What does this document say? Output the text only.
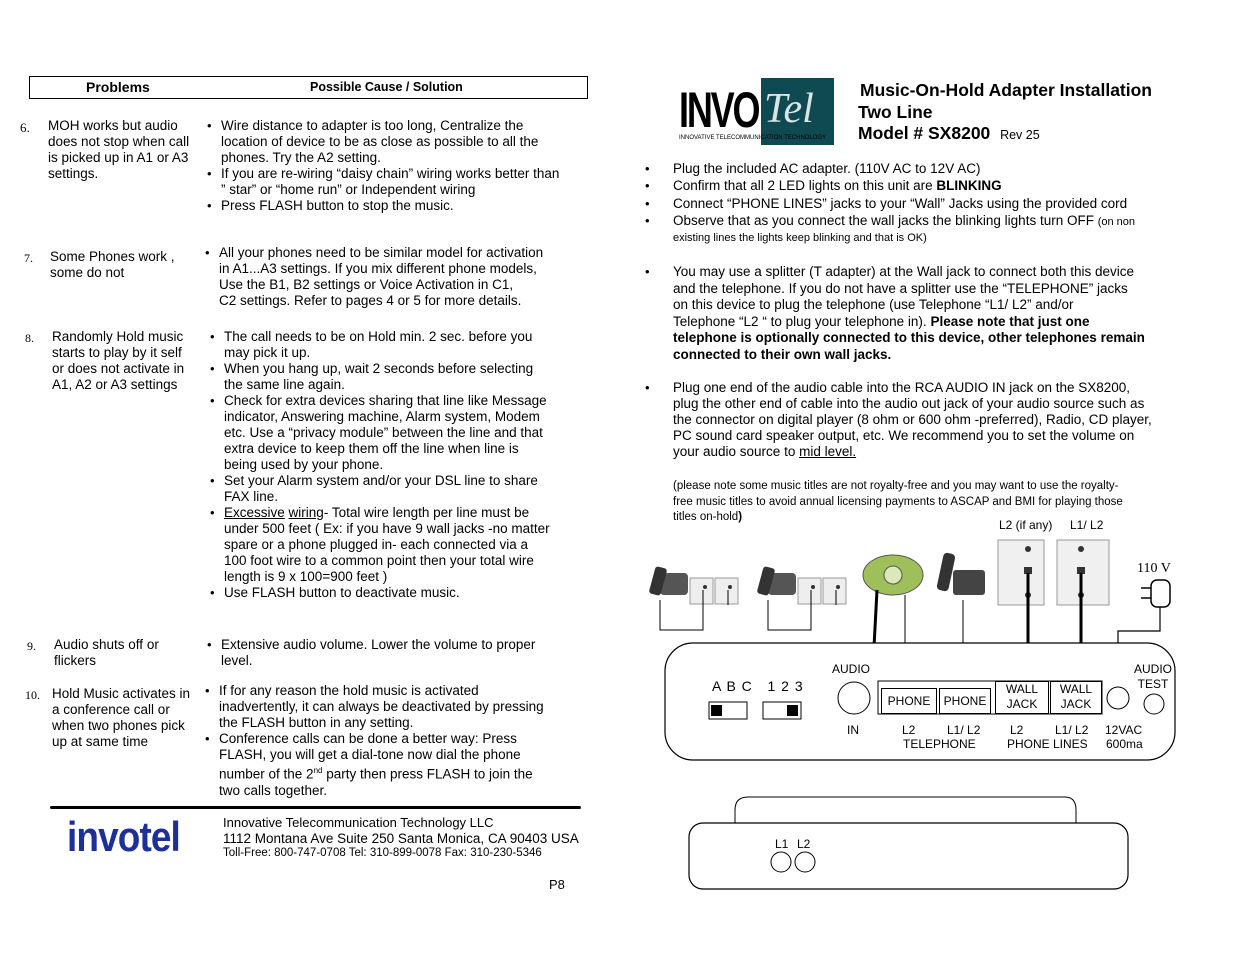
Problems	Possible Cause / Solution
6. MOH works but audio
does not stop when call
is picked up in A1 or A3
settings.
• Wire distance to adapter is too long, Centralize the
location of device to be as close as possible to all the
phones. Try the A2 setting.
• If you are re-wiring “daisy chain” wiring works better than
” star” or “home run” or Independent wiring
• Press FLASH button to stop the music.
7. Some Phones work ,
some do not
• All your phones need to be similar model for activation
in A1...A3 settings. If you mix different phone models,
Use the B1, B2 settings or Voice Activation in C1,
C2 settings. Refer to pages 4 or 5 for more details.
8. Randomly Hold music
starts to play by it self
or does not activate in
A1, A2 or A3 settings
• The call needs to be on Hold min. 2 sec. before you
may pick it up.
• When you hang up, wait 2 seconds before selecting
the same line again.
• Check for extra devices sharing that line like Message
indicator, Answering machine, Alarm system, Modem
etc. Use a “privacy module” between the line and that
extra device to keep them off the line when line is
being used by your phone.
• Set your Alarm system and/or your DSL line to share
FAX line.
• Excessive wiring- Total wire length per line must be
under 500 feet ( Ex: if you have 9 wall jacks -no matter
spare or a phone plugged in- each connected via a
100 foot wire to a common point then your total wire
length is 9 x 100=900 feet )
• Use FLASH button to deactivate music.
9. Audio shuts off or
flickers
• Extensive audio volume. Lower the volume to proper
level.
10. Hold Music activates in
a conference call or
when two phones pick
up at same time
• If for any reason the hold music is activated
inadvertently, it can always be deactivated by pressing
the FLASH button in any setting.
• Conference calls can be done a better way: Press
FLASH, you will get a dial-tone now dial the phone
number of the 2nd party then press FLASH to join the
two calls together.
invotel	Innovative Telecommunication Technology LLC
1112 Montana Ave Suite 250 Santa Monica, CA 90403 USA
Toll-Free: 800-747-0708 Tel: 310-899-0078 Fax: 310-230-5346
P8
INVO Tel
INNOVATIVE TELECOMMUNICATION TECHNOLOGY
Music-On-Hold Adapter Installation
Two Line
Model # SX8200 Rev 25
• Plug the included AC adapter. (110V AC to 12V AC)
• Confirm that all 2 LED lights on this unit are BLINKING
• Connect “PHONE LINES” jacks to your “Wall” Jacks using the provided cord
• Observe that as you connect the wall jacks the blinking lights turn OFF (on non
existing lines the lights keep blinking and that is OK)
• You may use a splitter (T adapter) at the Wall jack to connect both this device
and the telephone. If you do not have a splitter use the “TELEPHONE” jacks
on this device to plug the telephone (use Telephone “L1/ L2” and/or
Telephone “L2 “ to plug your telephone in). Please note that just one
telephone is optionally connected to this device, other telephones remain
connected to their own wall jacks.
• Plug one end of the audio cable into the RCA AUDIO IN jack on the SX8200,
plug the other end of cable into the audio out jack of your audio source such as
the connector on digital player (8 ohm or 600 ohm -preferred), Radio, CD player,
PC sound card speaker output, etc. We recommend you to set the volume on
your audio source to mid level.
(please note some music titles are not royalty-free and you may want to use the royalty-
free music titles to avoid annual licensing payments to ASCAP and BMI for playing those
titles on-hold)
L2 (if any) L1/ L2
110 V
AUDIO
A B C   1 2 3
PHONE	PHONE
WALL JACK
WALL JACK
AUDIO
TEST
IN	L2	L1/ L2
TELEPHONE
L2	L1/ L2
PHONE LINES
12VAC
600ma
L1 L2
